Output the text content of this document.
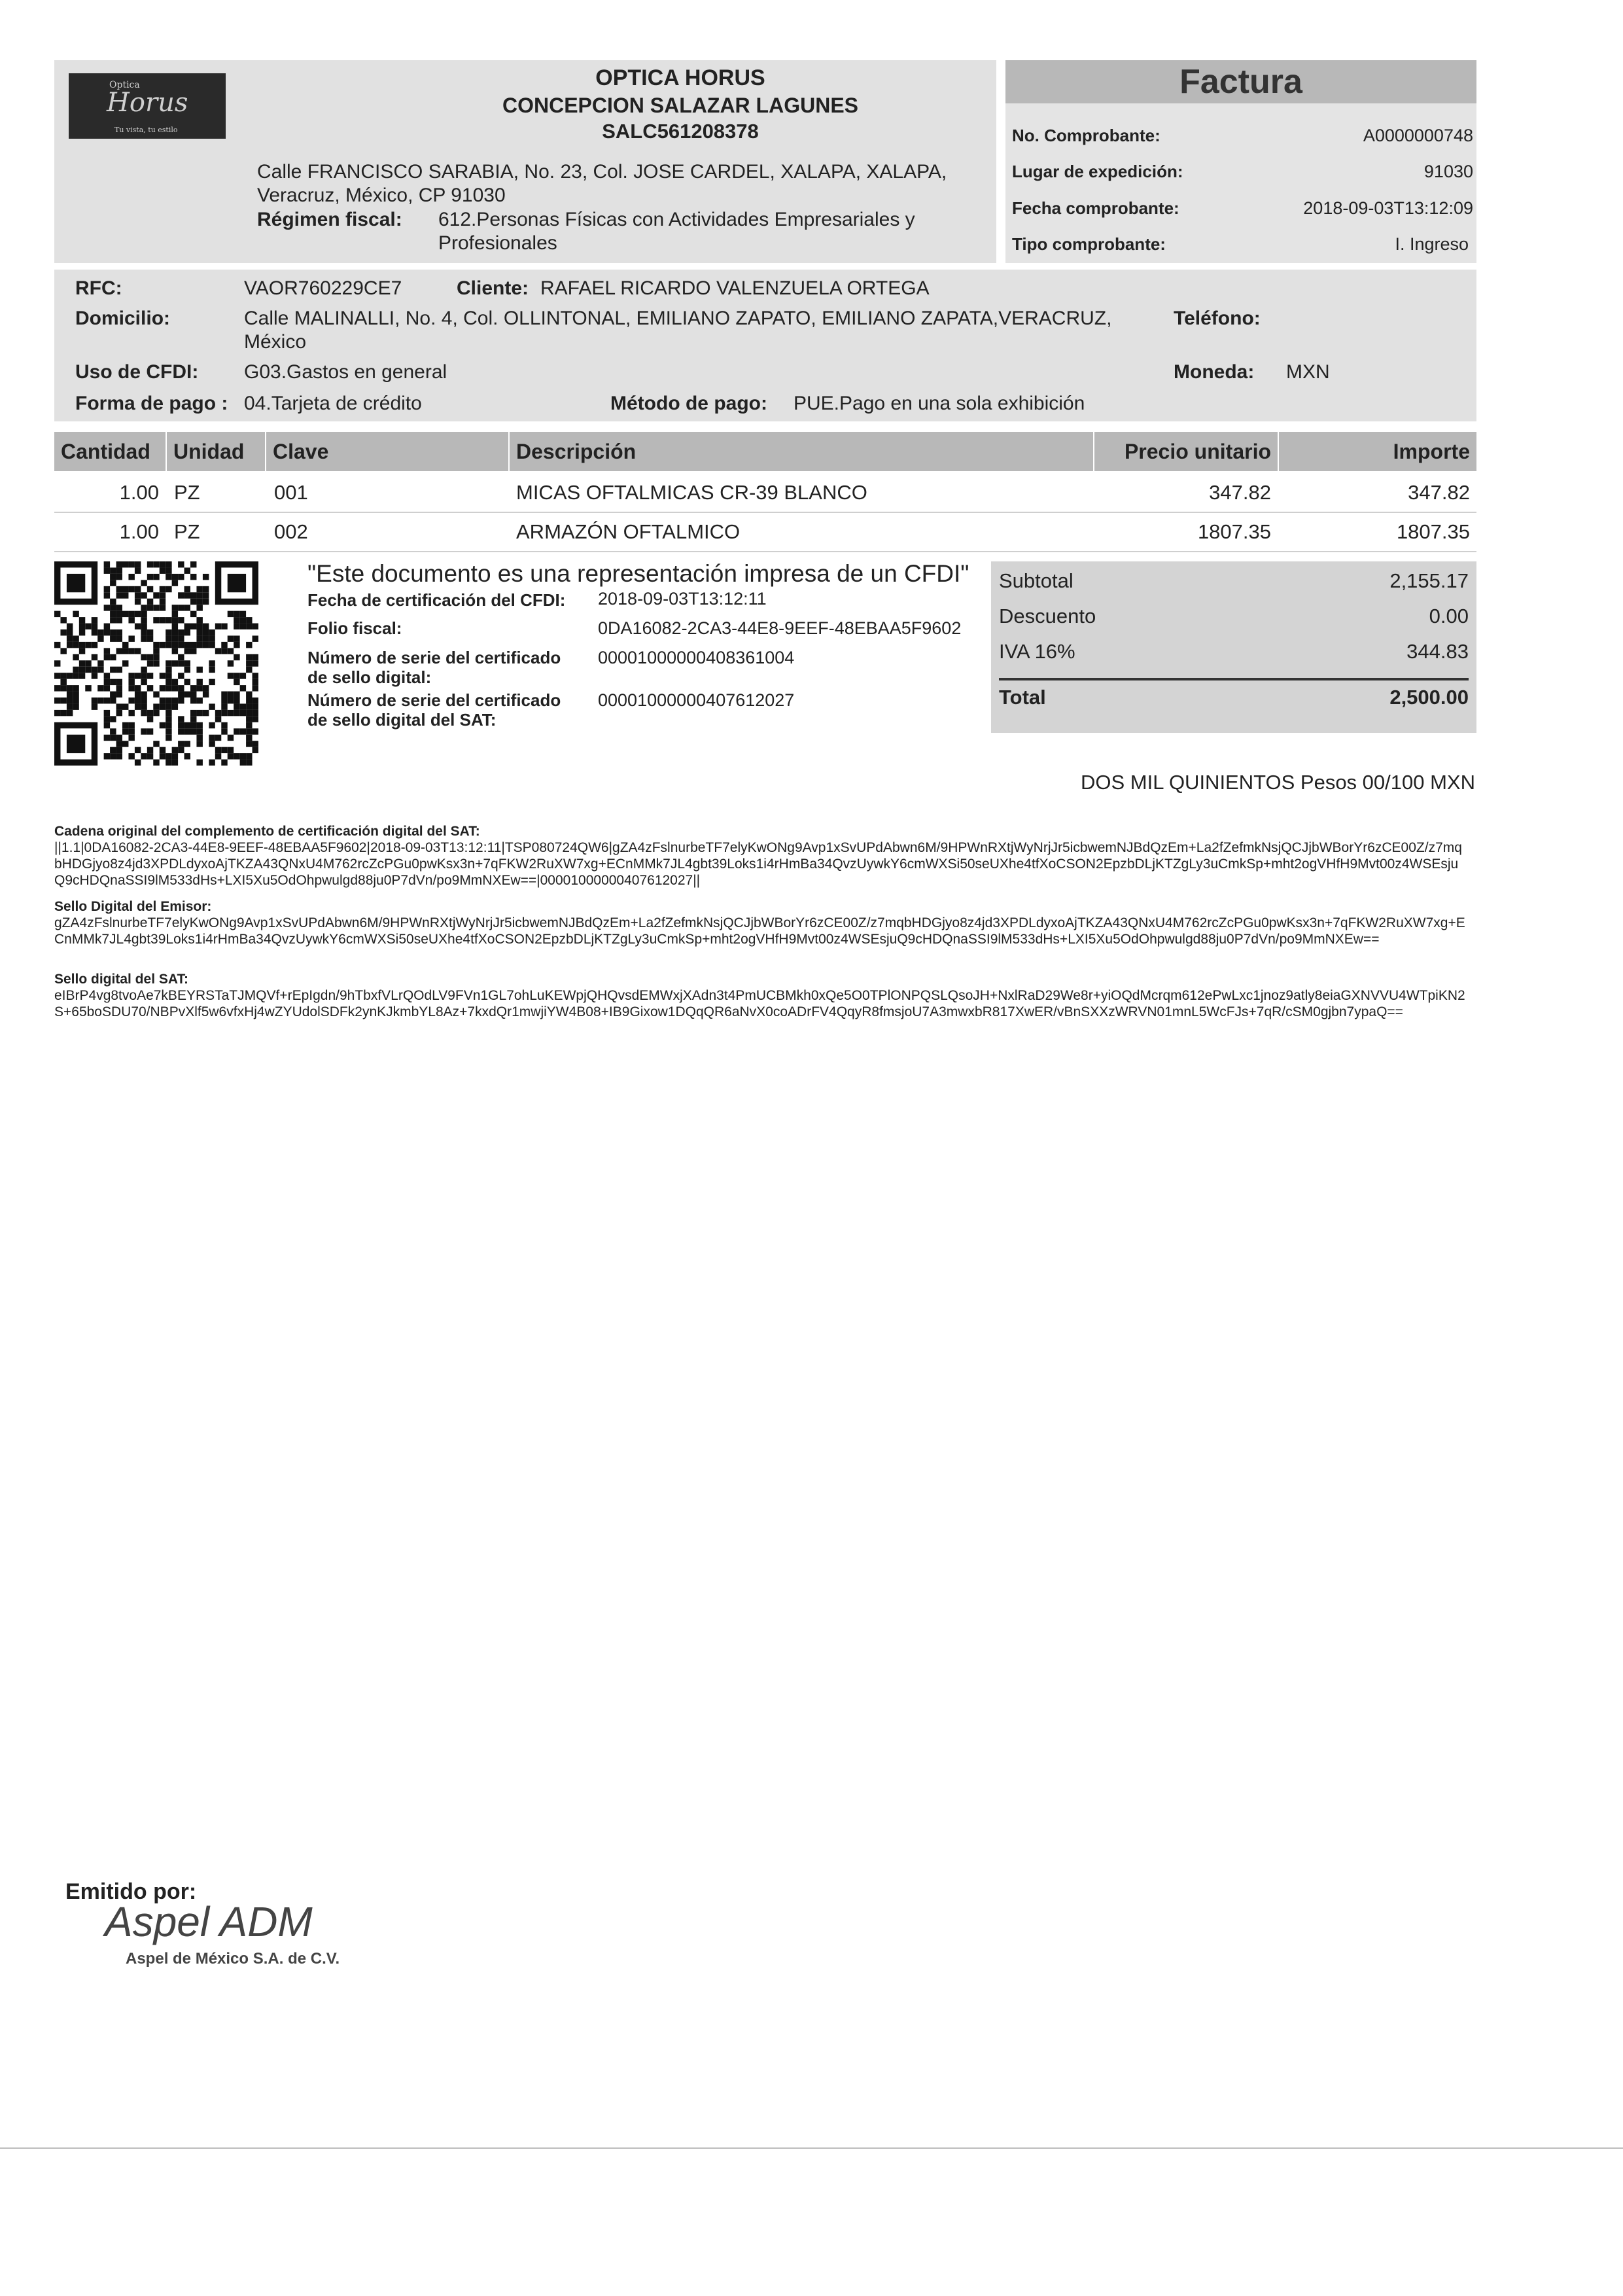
Optica
Horus
Tu vista, tu estilo
OPTICA HORUS
CONCEPCION SALAZAR LAGUNES
SALC561208378
Calle FRANCISCO SARABIA, No. 23, Col. JOSE CARDEL, XALAPA, XALAPA,
Veracruz, México, CP 91030
Régimen fiscal: 612.Personas Físicas con Actividades Empresariales y
Profesionales
Factura
No. Comprobante:	A0000000748
Lugar de expedición:	91030
Fecha comprobante:	2018-09-03T13:12:09
Tipo comprobante:	I. Ingreso
RFC:	VAOR760229CE7	Cliente: RAFAEL RICARDO VALENZUELA ORTEGA
Domicilio:	Calle MALINALLI, No. 4, Col. OLLINTONAL, EMILIANO ZAPATO, EMILIANO ZAPATA,VERACRUZ,
México
Teléfono:
Uso de CFDI: G03.Gastos en general	Moneda: MXN
Forma de pago : 04.Tarjeta de crédito	Método de pago: PUE.Pago en una sola exhibición
Cantidad	Unidad	Clave	Descripción	Precio unitario	Importe
1.00 PZ	001	MICAS OFTALMICAS CR-39 BLANCO	347.82	347.82
1.00 PZ	002	ARMAZÓN OFTALMICO	1807.35	1807.35
"Este documento es una representación impresa de un CFDI"
Fecha de certificación del CFDI: 2018-09-03T13:12:11
Folio fiscal:	0DA16082-2CA3-44E8-9EEF-48EBAA5F9602
Número de serie del certificado
de sello digital:
00001000000408361004
Número de serie del certificado
de sello digital del SAT:
00001000000407612027
Subtotal	2,155.17
Descuento	0.00
IVA 16%	344.83
Total	2,500.00
DOS MIL QUINIENTOS Pesos 00/100 MXN
Cadena original del complemento de certificación digital del SAT:
||1.1|0DA16082-2CA3-44E8-9EEF-48EBAA5F9602|2018-09-03T13:12:11|TSP080724QW6|gZA4zFslnurbeTF7elyKwONg9Avp1xSvUPdAbwn6M/9HPWnRXtjWyNrjJr5icbwemNJBdQzEm+La2fZefmkNsjQCJjbWBorYr6zCE00Z/z7mqbHDGjyo8z4jd3XPDLdyxoAjTKZA43QNxU4M762rcZcPGu0pwKsx3n+7qFKW2RuXW7xg+ECnMMk7JL4gbt39Loks1i4rHmBa34QvzUywkY6cmWXSi50seUXhe4tfXoCSON2EpzbDLjKTZgLy3uCmkSp+mht2ogVHfH9Mvt00z4WSEsjuQ9cHDQnaSSI9lM533dHs+LXI5Xu5OdOhpwulgd88ju0P7dVn/po9MmNXEw==|00001000000407612027||
Sello Digital del Emisor:
gZA4zFslnurbeTF7elyKwONg9Avp1xSvUPdAbwn6M/9HPWnRXtjWyNrjJr5icbwemNJBdQzEm+La2fZefmkNsjQCJjbWBorYr6zCE00Z/z7mqbHDGjyo8z4jd3XPDLdyxoAjTKZA43QNxU4M762rcZcPGu0pwKsx3n+7qFKW2RuXW7xg+ECnMMk7JL4gbt39Loks1i4rHmBa34QvzUywkY6cmWXSi50seUXhe4tfXoCSON2EpzbDLjKTZgLy3uCmkSp+mht2ogVHfH9Mvt00z4WSEsjuQ9cHDQnaSSI9lM533dHs+LXI5Xu5OdOhpwulgd88ju0P7dVn/po9MmNXEw==
Sello digital del SAT:
eIBrP4vg8tvoAe7kBEYRSTaTJMQVf+rEpIgdn/9hTbxfVLrQOdLV9FVn1GL7ohLuKEWpjQHQvsdEMWxjXAdn3t4PmUCBMkh0xQe5O0TPlONPQSLQsoJH+NxlRaD29We8r+yiOQdMcrqm612ePwLxc1jnoz9atly8eiaGXNVVU4WTpiKN2S+65boSDU70/NBPvXlf5w6vfxHj4wZYUdolSDFk2ynKJkmbYL8Az+7kxdQr1mwjiYW4B08+IB9Gixow1DQqQR6aNvX0coADrFV4QqyR8fmsjoU7A3mwxbR817XwER/vBnSXXzWRVN01mnL5WcFJs+7qR/cSM0gjbn7ypaQ==
Emitido por:
Aspel ADM
Aspel de México S.A. de C.V.
